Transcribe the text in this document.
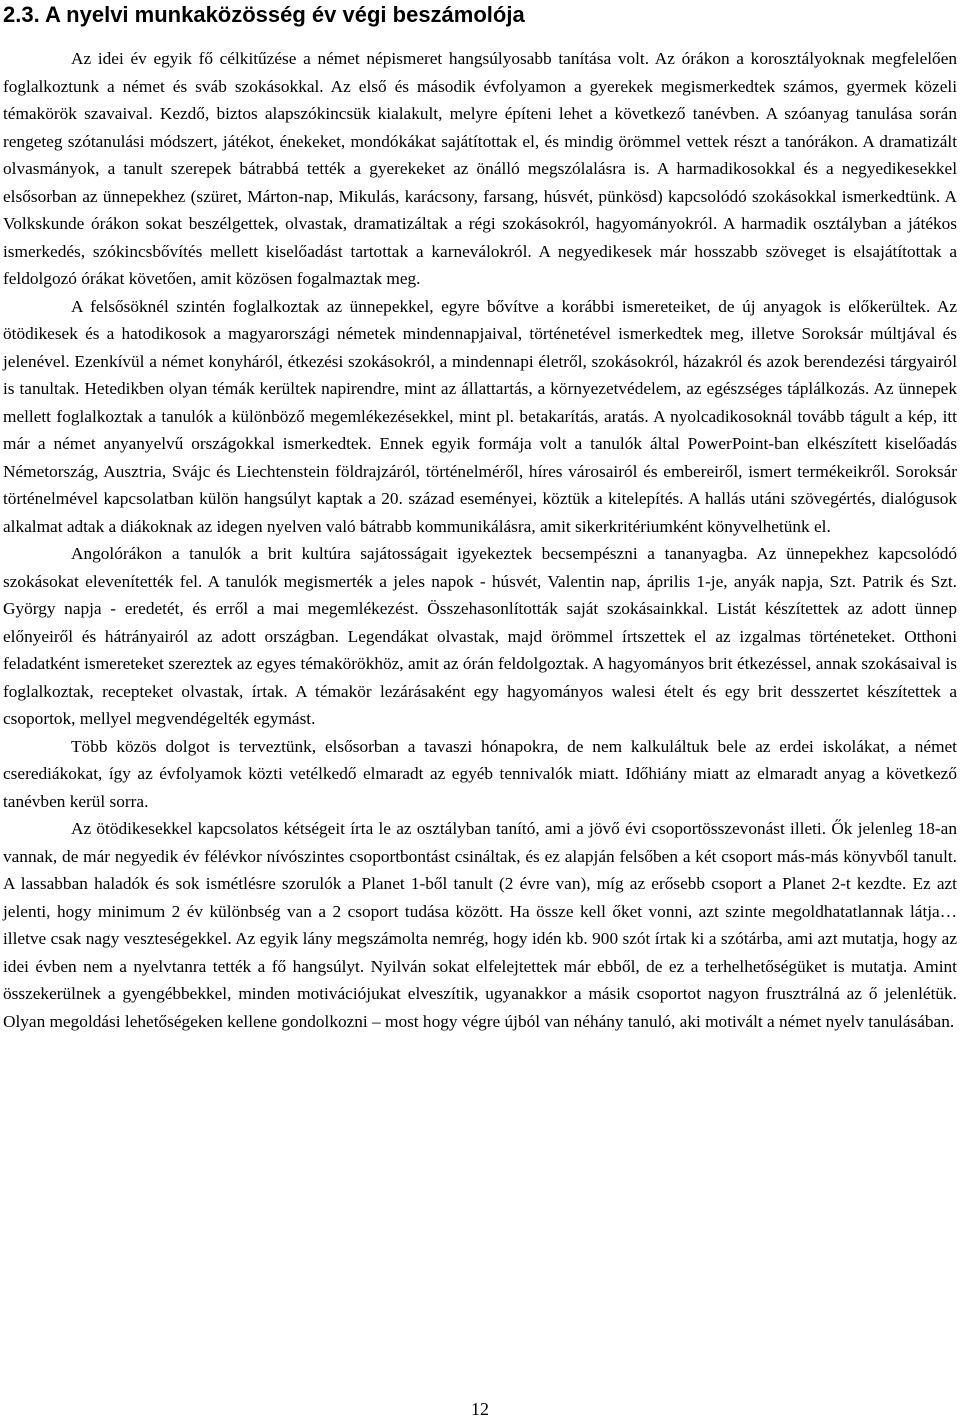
2.3. A nyelvi munkaközösség év végi beszámolója

Az idei év egyik fő célkitűzése a német népismeret hangsúlyosabb tanítása volt. Az órákon a korosztályoknak megfelelően foglalkoztunk a német és sváb szokásokkal. Az első és második évfolyamon a gyerekek megismerkedtek számos, gyermek közeli témakörök szavaival. Kezdő, biztos alapszókincsük kialakult, melyre építeni lehet a következő tanévben. A szóanyag tanulása során rengeteg szótanulási módszert, játékot, énekeket, mondókákat sajátítottak el, és mindig örömmel vettek részt a tanórákon. A dramatizált olvasmányok, a tanult szerepek bátrabbá tették a gyerekeket az önálló megszólalásra is. A harmadikosokkal és a negyedikesekkel elsősorban az ünnepekhez (szüret, Márton-nap, Mikulás, karácsony, farsang, húsvét, pünkösd) kapcsolódó szokásokkal ismerkedtünk. A Volkskunde órákon sokat beszélgettek, olvastak, dramatizáltak a régi szokásokról, hagyományokról. A harmadik osztályban a játékos ismerkedés, szókincsbővítés mellett kiselőadást tartottak a karneválokról. A negyedikesek már hosszabb szöveget is elsajátítottak a feldolgozó órákat követően, amit közösen fogalmaztak meg.

A felsősöknél szintén foglalkoztak az ünnepekkel, egyre bővítve a korábbi ismereteiket, de új anyagok is előkerültek. Az ötödikesek és a hatodikosok a magyarországi németek mindennapjaival, történetével ismerkedtek meg, illetve Soroksár múltjával és jelenével. Ezenkívül a német konyháról, étkezési szokásokról, a mindennapi életről, szokásokról, házakról és azok berendezési tárgyairól is tanultak. Hetedikben olyan témák kerültek napirendre, mint az állattartás, a környezetvédelem, az egészséges táplálkozás. Az ünnepek mellett foglalkoztak a tanulók a különböző megemlékezésekkel, mint pl. betakarítás, aratás. A nyolcadikosoknál tovább tágult a kép, itt már a német anyanyelvű országokkal ismerkedtek. Ennek egyik formája volt a tanulók által PowerPoint-ban elkészített kiselőadás Németország, Ausztria, Svájc és Liechtenstein földrajzáról, történelméről, híres városairól és embereiről, ismert termékeikről. Soroksár történelmével kapcsolatban külön hangsúlyt kaptak a 20. század eseményei, köztük a kitelepítés. A hallás utáni szövegértés, dialógusok alkalmat adtak a diákoknak az idegen nyelven való bátrabb kommunikálásra, amit sikerkritériumként könyvelhetünk el.

Angolórákon a tanulók a brit kultúra sajátosságait igyekeztek becsempészni a tananyagba. Az ünnepekhez kapcsolódó szokásokat elevenítették fel. A tanulók megismerték a jeles napok - húsvét, Valentin nap, április 1-je, anyák napja, Szt. Patrik és Szt. György napja - eredetét, és erről a mai megemlékezést. Összehasonlították saját szokásainkkal. Listát készítettek az adott ünnep előnyeiről és hátrányairól az adott országban. Legendákat olvastak, majd örömmel írtszettek el az izgalmas történeteket. Otthoni feladatként ismereteket szereztek az egyes témakörökhöz, amit az órán feldolgoztak. A hagyományos brit étkezéssel, annak szokásaival is foglalkoztak, recepteket olvastak, írtak. A témakör lezárásaként egy hagyományos walesi ételt és egy brit desszertet készítettek a csoportok, mellyel megvendégelték egymást.

Több közös dolgot is terveztünk, elsősorban a tavaszi hónapokra, de nem kalkuláltuk bele az erdei iskolákat, a német cserediákokat, így az évfolyamok közti vetélkedő elmaradt az egyéb tennivalók miatt. Időhiány miatt az elmaradt anyag a következő tanévben kerül sorra.

Az ötödikesekkel kapcsolatos kétségeit írta le az osztályban tanító, ami a jövő évi csoportösszevonást illeti. Ők jelenleg 18-an vannak, de már negyedik év félévkor nívószintes csoportbontást csináltak, és ez alapján felsőben a két csoport más-más könyvből tanult. A lassabban haladók és sok ismétlésre szorulók a Planet 1-ből tanult (2 évre van), míg az erősebb csoport a Planet 2-t kezdte. Ez azt jelenti, hogy minimum 2 év különbség van a 2 csoport tudása között. Ha össze kell őket vonni, azt szinte megoldhatatlannak látja…illetve csak nagy veszteségekkel. Az egyik lány megszámolta nemrég, hogy idén kb. 900 szót írtak ki a szótárba, ami azt mutatja, hogy az idei évben nem a nyelvtanra tették a fő hangsúlyt. Nyilván sokat elfelejtettek már ebből, de ez a terhelhetőségüket is mutatja. Amint összekerülnek a gyengébbekkel, minden motivációjukat elveszítik, ugyanakkor a másik csoportot nagyon frusztrálná az ő jelenlétük. Olyan megoldási lehetőségeken kellene gondolkozni – most hogy végre újból van néhány tanuló, aki motivált a német nyelv tanulásában.

12
